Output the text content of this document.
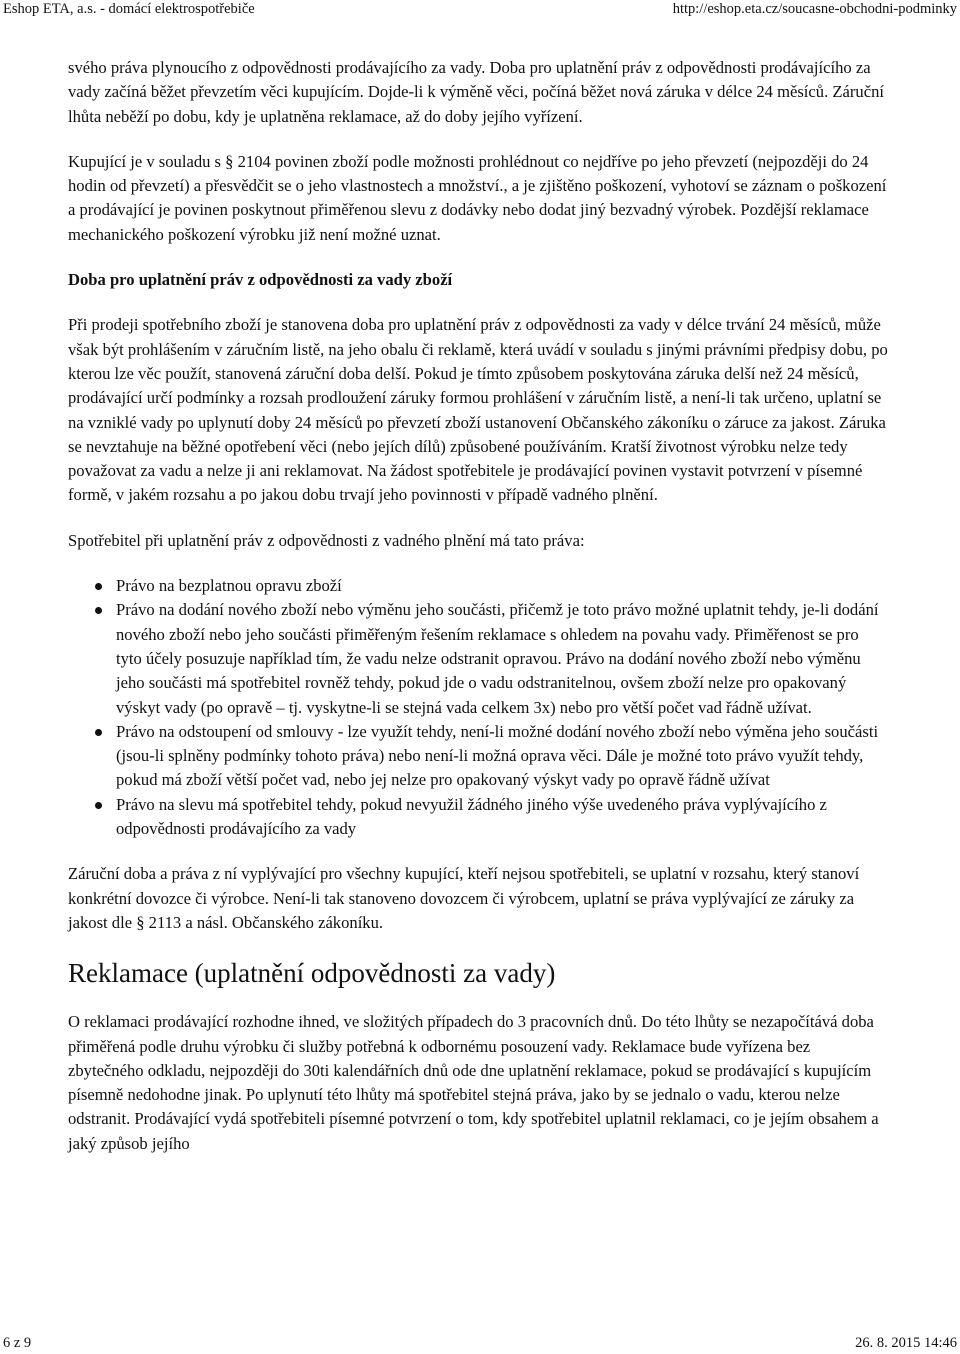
Eshop ETA, a.s. - domácí elektrospotřebiče	http://eshop.eta.cz/soucasne-obchodni-podminky

svého práva plynoucího z odpovědnosti prodávajícího za vady. Doba pro uplatnění práv z odpovědnosti prodávajícího za vady začíná běžet převzetím věci kupujícím. Dojde-li k výměně věci, počíná běžet nová záruka v délce 24 měsíců. Záruční lhůta neběží po dobu, kdy je uplatněna reklamace, až do doby jejího vyřízení.

Kupující je v souladu s § 2104 povinen zboží podle možnosti prohlédnout co nejdříve po jeho převzetí (nejpozději do 24 hodin od převzetí) a přesvědčit se o jeho vlastnostech a množství., a je zjištěno poškození, vyhotoví se záznam o poškození a prodávající je povinen poskytnout přiměřenou slevu z dodávky nebo dodat jiný bezvadný výrobek. Pozdější reklamace mechanického poškození výrobku již není možné uznat.

Doba pro uplatnění práv z odpovědnosti za vady zboží

Při prodeji spotřebního zboží je stanovena doba pro uplatnění práv z odpovědnosti za vady v délce trvání 24 měsíců, může však být prohlášením v záručním listě, na jeho obalu či reklamě, která uvádí v souladu s jinými právními předpisy dobu, po kterou lze věc použít, stanovená záruční doba delší. Pokud je tímto způsobem poskytována záruka delší než 24 měsíců, prodávající určí podmínky a rozsah prodloužení záruky formou prohlášení v záručním listě, a není-li tak určeno, uplatní se na vzniklé vady po uplynutí doby 24 měsíců po převzetí zboží ustanovení Občanského zákoníku o záruce za jakost. Záruka se nevztahuje na běžné opotřebení věci (nebo jejích dílů) způsobené používáním. Kratší životnost výrobku nelze tedy považovat za vadu a nelze ji ani reklamovat. Na žádost spotřebitele je prodávající povinen vystavit potvrzení v písemné formě, v jakém rozsahu a po jakou dobu trvají jeho povinnosti v případě vadného plnění.

Spotřebitel při uplatnění práv z odpovědnosti z vadného plnění má tato práva:

Právo na bezplatnou opravu zboží
Právo na dodání nového zboží nebo výměnu jeho součásti, přičemž je toto právo možné uplatnit tehdy, je-li dodání nového zboží nebo jeho součásti přiměřeným řešením reklamace s ohledem na povahu vady. Přiměřenost se pro tyto účely posuzuje například tím, že vadu nelze odstranit opravou. Právo na dodání nového zboží nebo výměnu jeho součásti má spotřebitel rovněž tehdy, pokud jde o vadu odstranitelnou, ovšem zboží nelze pro opakovaný výskyt vady (po opravě – tj. vyskytne-li se stejná vada celkem 3x) nebo pro větší počet vad řádně užívat.
Právo na odstoupení od smlouvy - lze využít tehdy, není-li možné dodání nového zboží nebo výměna jeho součásti (jsou-li splněny podmínky tohoto práva) nebo není-li možná oprava věci. Dále je možné toto právo využít tehdy, pokud má zboží větší počet vad, nebo jej nelze pro opakovaný výskyt vady po opravě řádně užívat
Právo na slevu má spotřebitel tehdy, pokud nevyužil žádného jiného výše uvedeného práva vyplývajícího z odpovědnosti prodávajícího za vady

Záruční doba a práva z ní vyplývající pro všechny kupující, kteří nejsou spotřebiteli, se uplatní v rozsahu, který stanoví konkrétní dovozce či výrobce. Není-li tak stanoveno dovozcem či výrobcem, uplatní se práva vyplývající ze záruky za jakost dle § 2113 a násl. Občanského zákoníku.

Reklamace (uplatnění odpovědnosti za vady)

O reklamaci prodávající rozhodne ihned, ve složitých případech do 3 pracovních dnů. Do této lhůty se nezapočítává doba přiměřená podle druhu výrobku či služby potřebná k odbornému posouzení vady. Reklamace bude vyřízena bez zbytečného odkladu, nejpozději do 30ti kalendářních dnů ode dne uplatnění reklamace, pokud se prodávající s kupujícím písemně nedohodne jinak. Po uplynutí této lhůty má spotřebitel stejná práva, jako by se jednalo o vadu, kterou nelze odstranit. Prodávající vydá spotřebiteli písemné potvrzení o tom, kdy spotřebitel uplatnil reklamaci, co je jejím obsahem a jaký způsob jejího

6 z 9	26. 8. 2015 14:46
